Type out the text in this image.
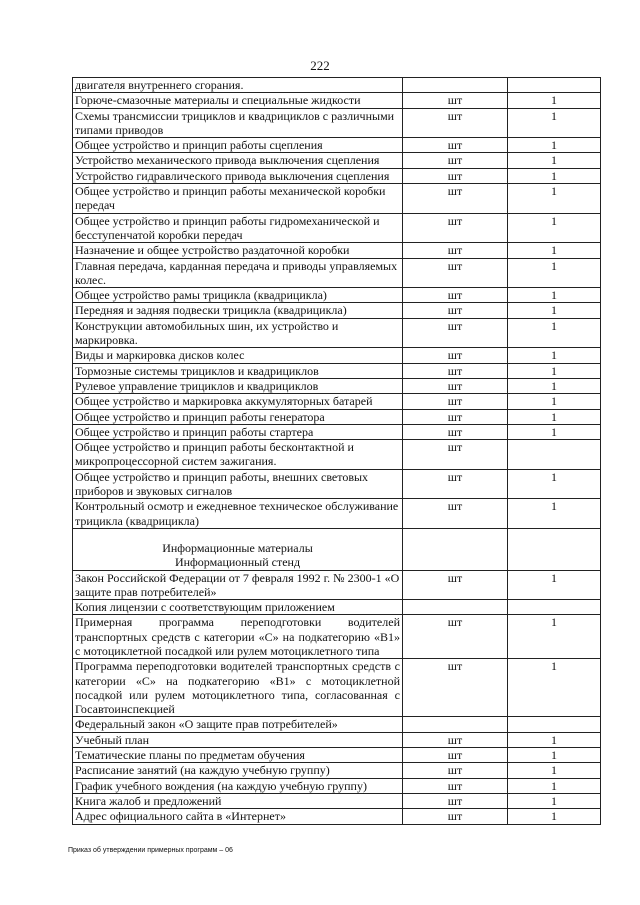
222
двигателя внутреннего сгорания.		

Горюче-смазочные материалы и специальные жидкости	шт	1

Схемы трансмиссии трициклов и квадрициклов с различными типами приводов	шт	1

Общее устройство и принцип работы сцепления	шт	1

Устройство механического привода выключения сцепления	шт	1

Устройство гидравлического привода выключения сцепления	шт	1

Общее устройство и принцип работы механической коробки передач	шт	1

Общее устройство и принцип работы гидромеханической и бесступенчатой коробки передач	шт	1

Назначение и общее устройство раздаточной коробки	шт	1

Главная передача, карданная передача и приводы управляемых колес.	шт	1

Общее устройство рамы трицикла (квадрицикла)	шт	1

Передняя и задняя подвески трицикла (квадрицикла)	шт	1

Конструкции автомобильных шин, их устройство и маркировка.	шт	1

Виды и маркировка дисков колес	шт	1

Тормозные системы трициклов и квадрициклов	шт	1

Рулевое управление трициклов и квадрициклов	шт	1

Общее устройство и маркировка аккумуляторных батарей	шт	1

Общее устройство и принцип работы генератора	шт	1

Общее устройство и принцип работы стартера	шт	1

Общее устройство и принцип работы бесконтактной и микропроцессорной систем зажигания.	шт	

Общее устройство и принцип работы, внешних световых приборов и звуковых сигналов	шт	1

Контрольный осмотр и ежедневное техническое обслуживание трицикла (квадрицикла)	шт	1

Информационные материалы
Информационный стенд		

Закон Российской Федерации от 7 февраля 1992 г. № 2300-1 «О защите прав потребителей»	шт	1

Копия лицензии с соответствующим приложением		

Примерная программа переподготовки водителей транспортных средств с категории «С» на подкатегорию «В1» с мотоциклетной посадкой или рулем мотоциклетного типа	шт	1

Программа переподготовки водителей транспортных средств с категории «С» на подкатегорию «В1» с мотоциклетной посадкой или рулем мотоциклетного типа, согласованная с Госавтоинспекцией	шт	1

Федеральный закон «О защите прав потребителей»		

Учебный план	шт	1

Тематические планы по предметам обучения	шт	1

Расписание занятий (на каждую учебную группу)	шт	1

График учебного вождения (на каждую учебную группу)	шт	1

Книга жалоб и предложений	шт	1

Адрес официального сайта в «Интернет»	шт	1
Приказ об утверждении примерных программ – 06
